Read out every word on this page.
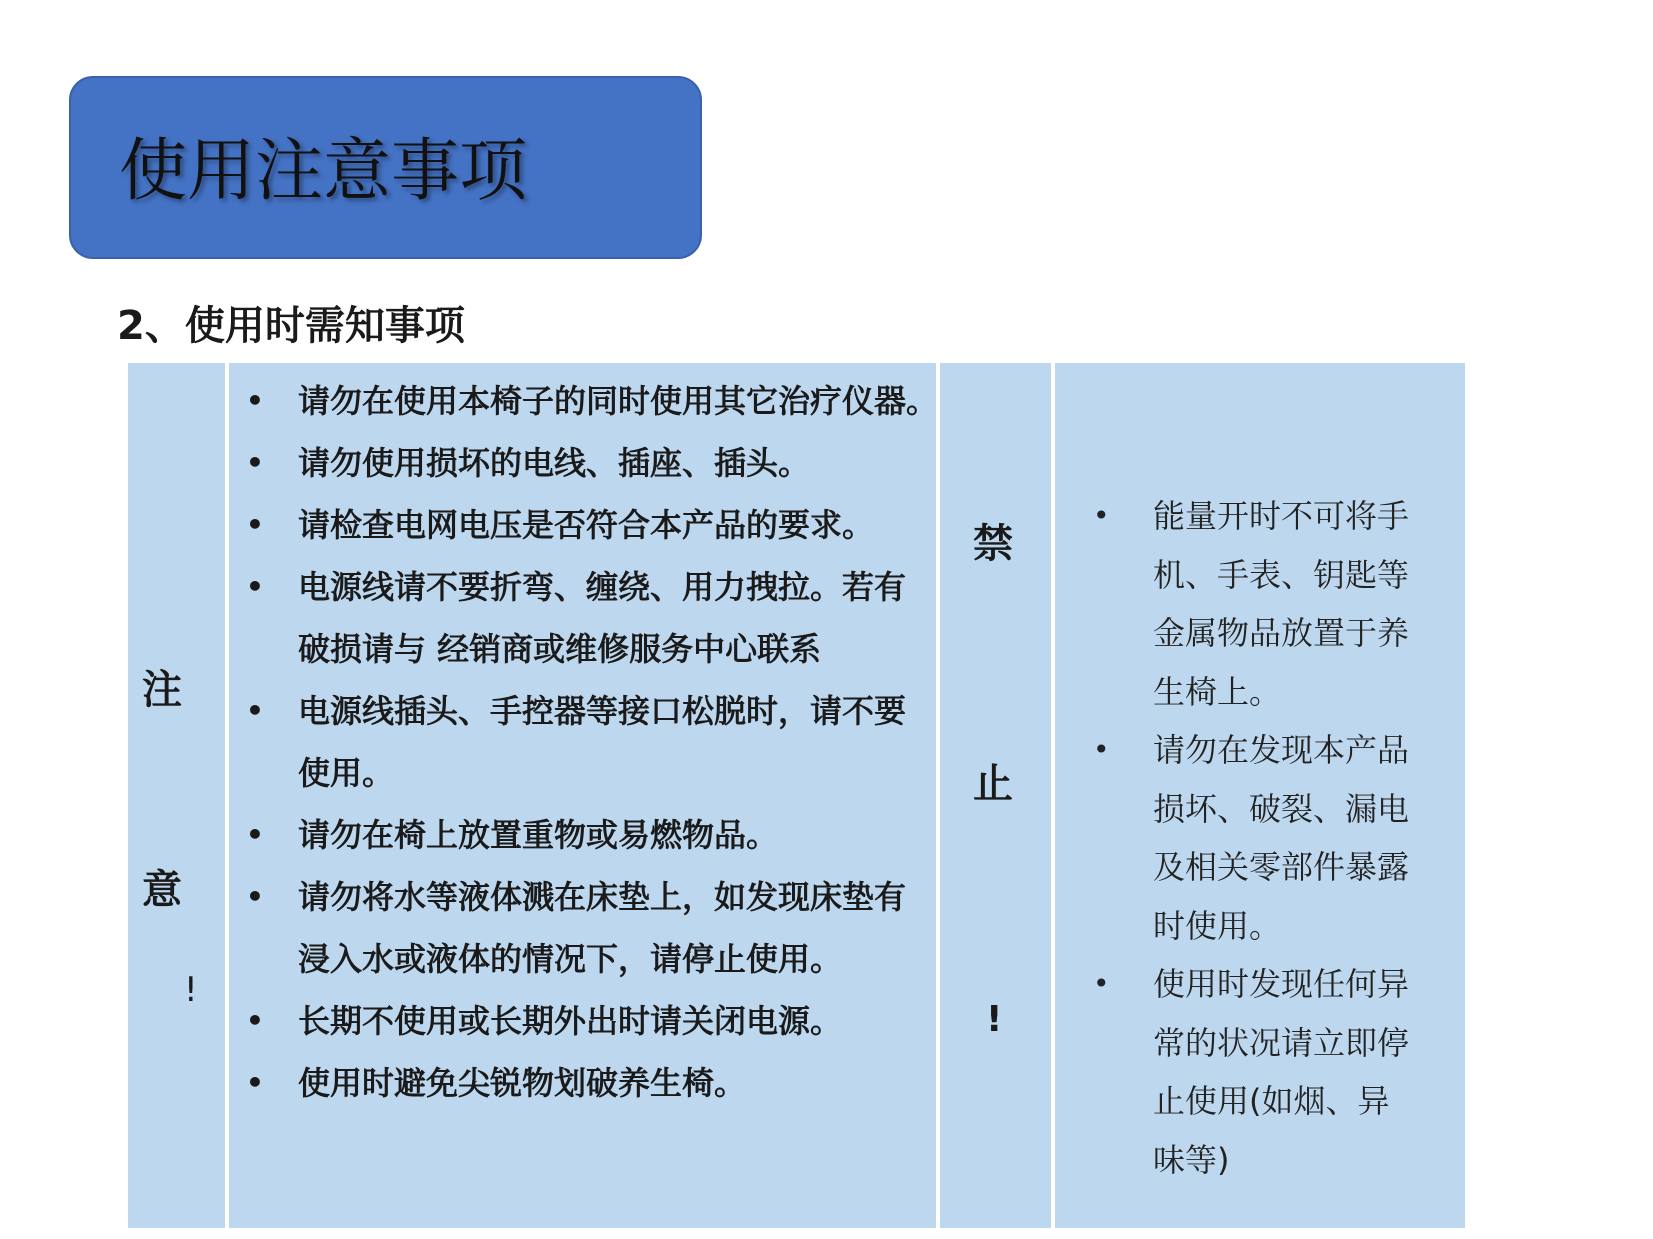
使用注意事项
2、使用时需知事项
注
意
!
• 请勿在使用本椅子的同时使用其它治疗仪器。
• 请勿使用损坏的电线、插座、插头。
• 请检查电网电压是否符合本产品的要求。
• 电源线请不要折弯、缠绕、用力拽拉。若有
破损请与 经销商或维修服务中心联系
• 电源线插头、手控器等接口松脱时，请不要
使用。
• 请勿在椅上放置重物或易燃物品。
• 请勿将水等液体溅在床垫上，如发现床垫有
浸入水或液体的情况下，请停止使用。
• 长期不使用或长期外出时请关闭电源。
• 使用时避免尖锐物划破养生椅。
禁
止
!
• 能量开时不可将手
机、手表、钥匙等
金属物品放置于养
生椅上。
• 请勿在发现本产品
损坏、破裂、漏电
及相关零部件暴露
时使用。
• 使用时发现任何异
常的状况请立即停
止使用(如烟、异
味等)
